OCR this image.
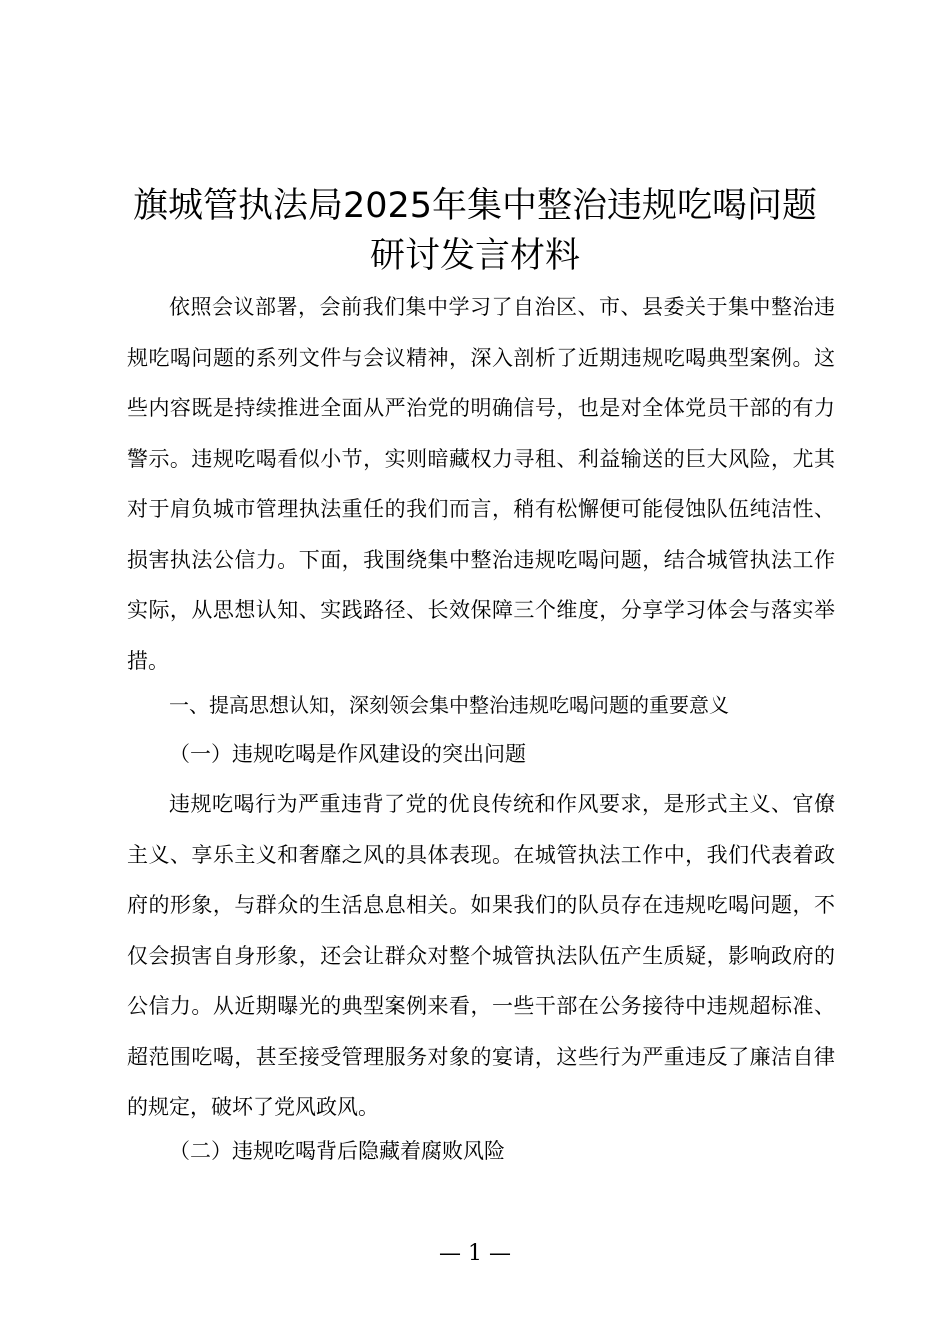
旗城管执法局2025年集中整治违规吃喝问题
研讨发言材料

依照会议部署，会前我们集中学习了自治区、市、县委关于集中整治违规吃喝问题的系列文件与会议精神，深入剖析了近期违规吃喝典型案例。这些内容既是持续推进全面从严治党的明确信号，也是对全体党员干部的有力警示。违规吃喝看似小节，实则暗藏权力寻租、利益输送的巨大风险，尤其对于肩负城市管理执法重任的我们而言，稍有松懈便可能侵蚀队伍纯洁性、损害执法公信力。下面，我围绕集中整治违规吃喝问题，结合城管执法工作实际，从思想认知、实践路径、长效保障三个维度，分享学习体会与落实举措。

一、提高思想认知，深刻领会集中整治违规吃喝问题的重要意义

（一）违规吃喝是作风建设的突出问题

违规吃喝行为严重违背了党的优良传统和作风要求，是形式主义、官僚主义、享乐主义和奢靡之风的具体表现。在城管执法工作中，我们代表着政府的形象，与群众的生活息息相关。如果我们的队员存在违规吃喝问题，不仅会损害自身形象，还会让群众对整个城管执法队伍产生质疑，影响政府的公信力。从近期曝光的典型案例来看，一些干部在公务接待中违规超标准、超范围吃喝，甚至接受管理服务对象的宴请，这些行为严重违反了廉洁自律的规定，破坏了党风政风。

（二）违规吃喝背后隐藏着腐败风险

— 1 —
